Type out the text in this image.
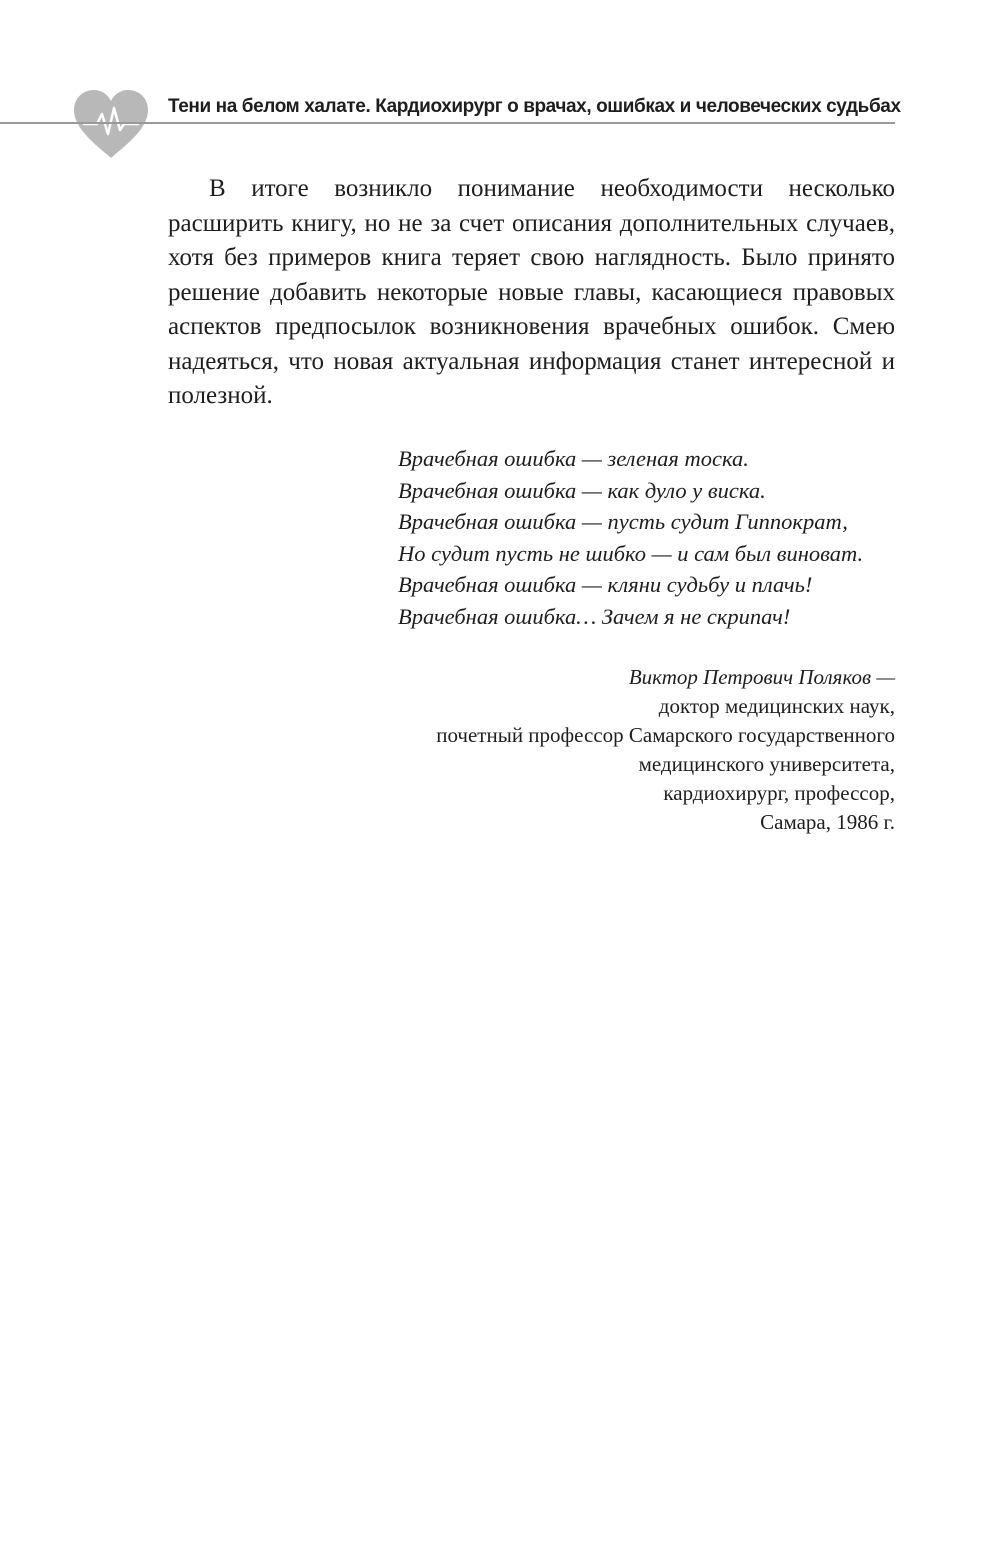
Тени на белом халате. Кардиохирург о врачах, ошибках и человеческих судьбах

В итоге возникло понимание необходимости несколько расширить книгу, но не за счет описания дополнительных случаев, хотя без примеров книга теряет свою наглядность. Было принято решение добавить некоторые новые главы, касающиеся правовых аспектов предпосылок возникновения врачебных ошибок. Смею надеяться, что новая актуальная информация станет интересной и полезной.

Врачебная ошибка — зеленая тоска.
Врачебная ошибка — как дуло у виска.
Врачебная ошибка — пусть судит Гиппократ,
Но судит пусть не шибко — и сам был виноват.
Врачебная ошибка — кляни судьбу и плачь!
Врачебная ошибка… Зачем я не скрипач!
Виктор Петрович Поляков —
доктор медицинских наук,
почетный профессор Самарского государственного
медицинского университета,
кардиохирург, профессор,
Самара, 1986 г.
